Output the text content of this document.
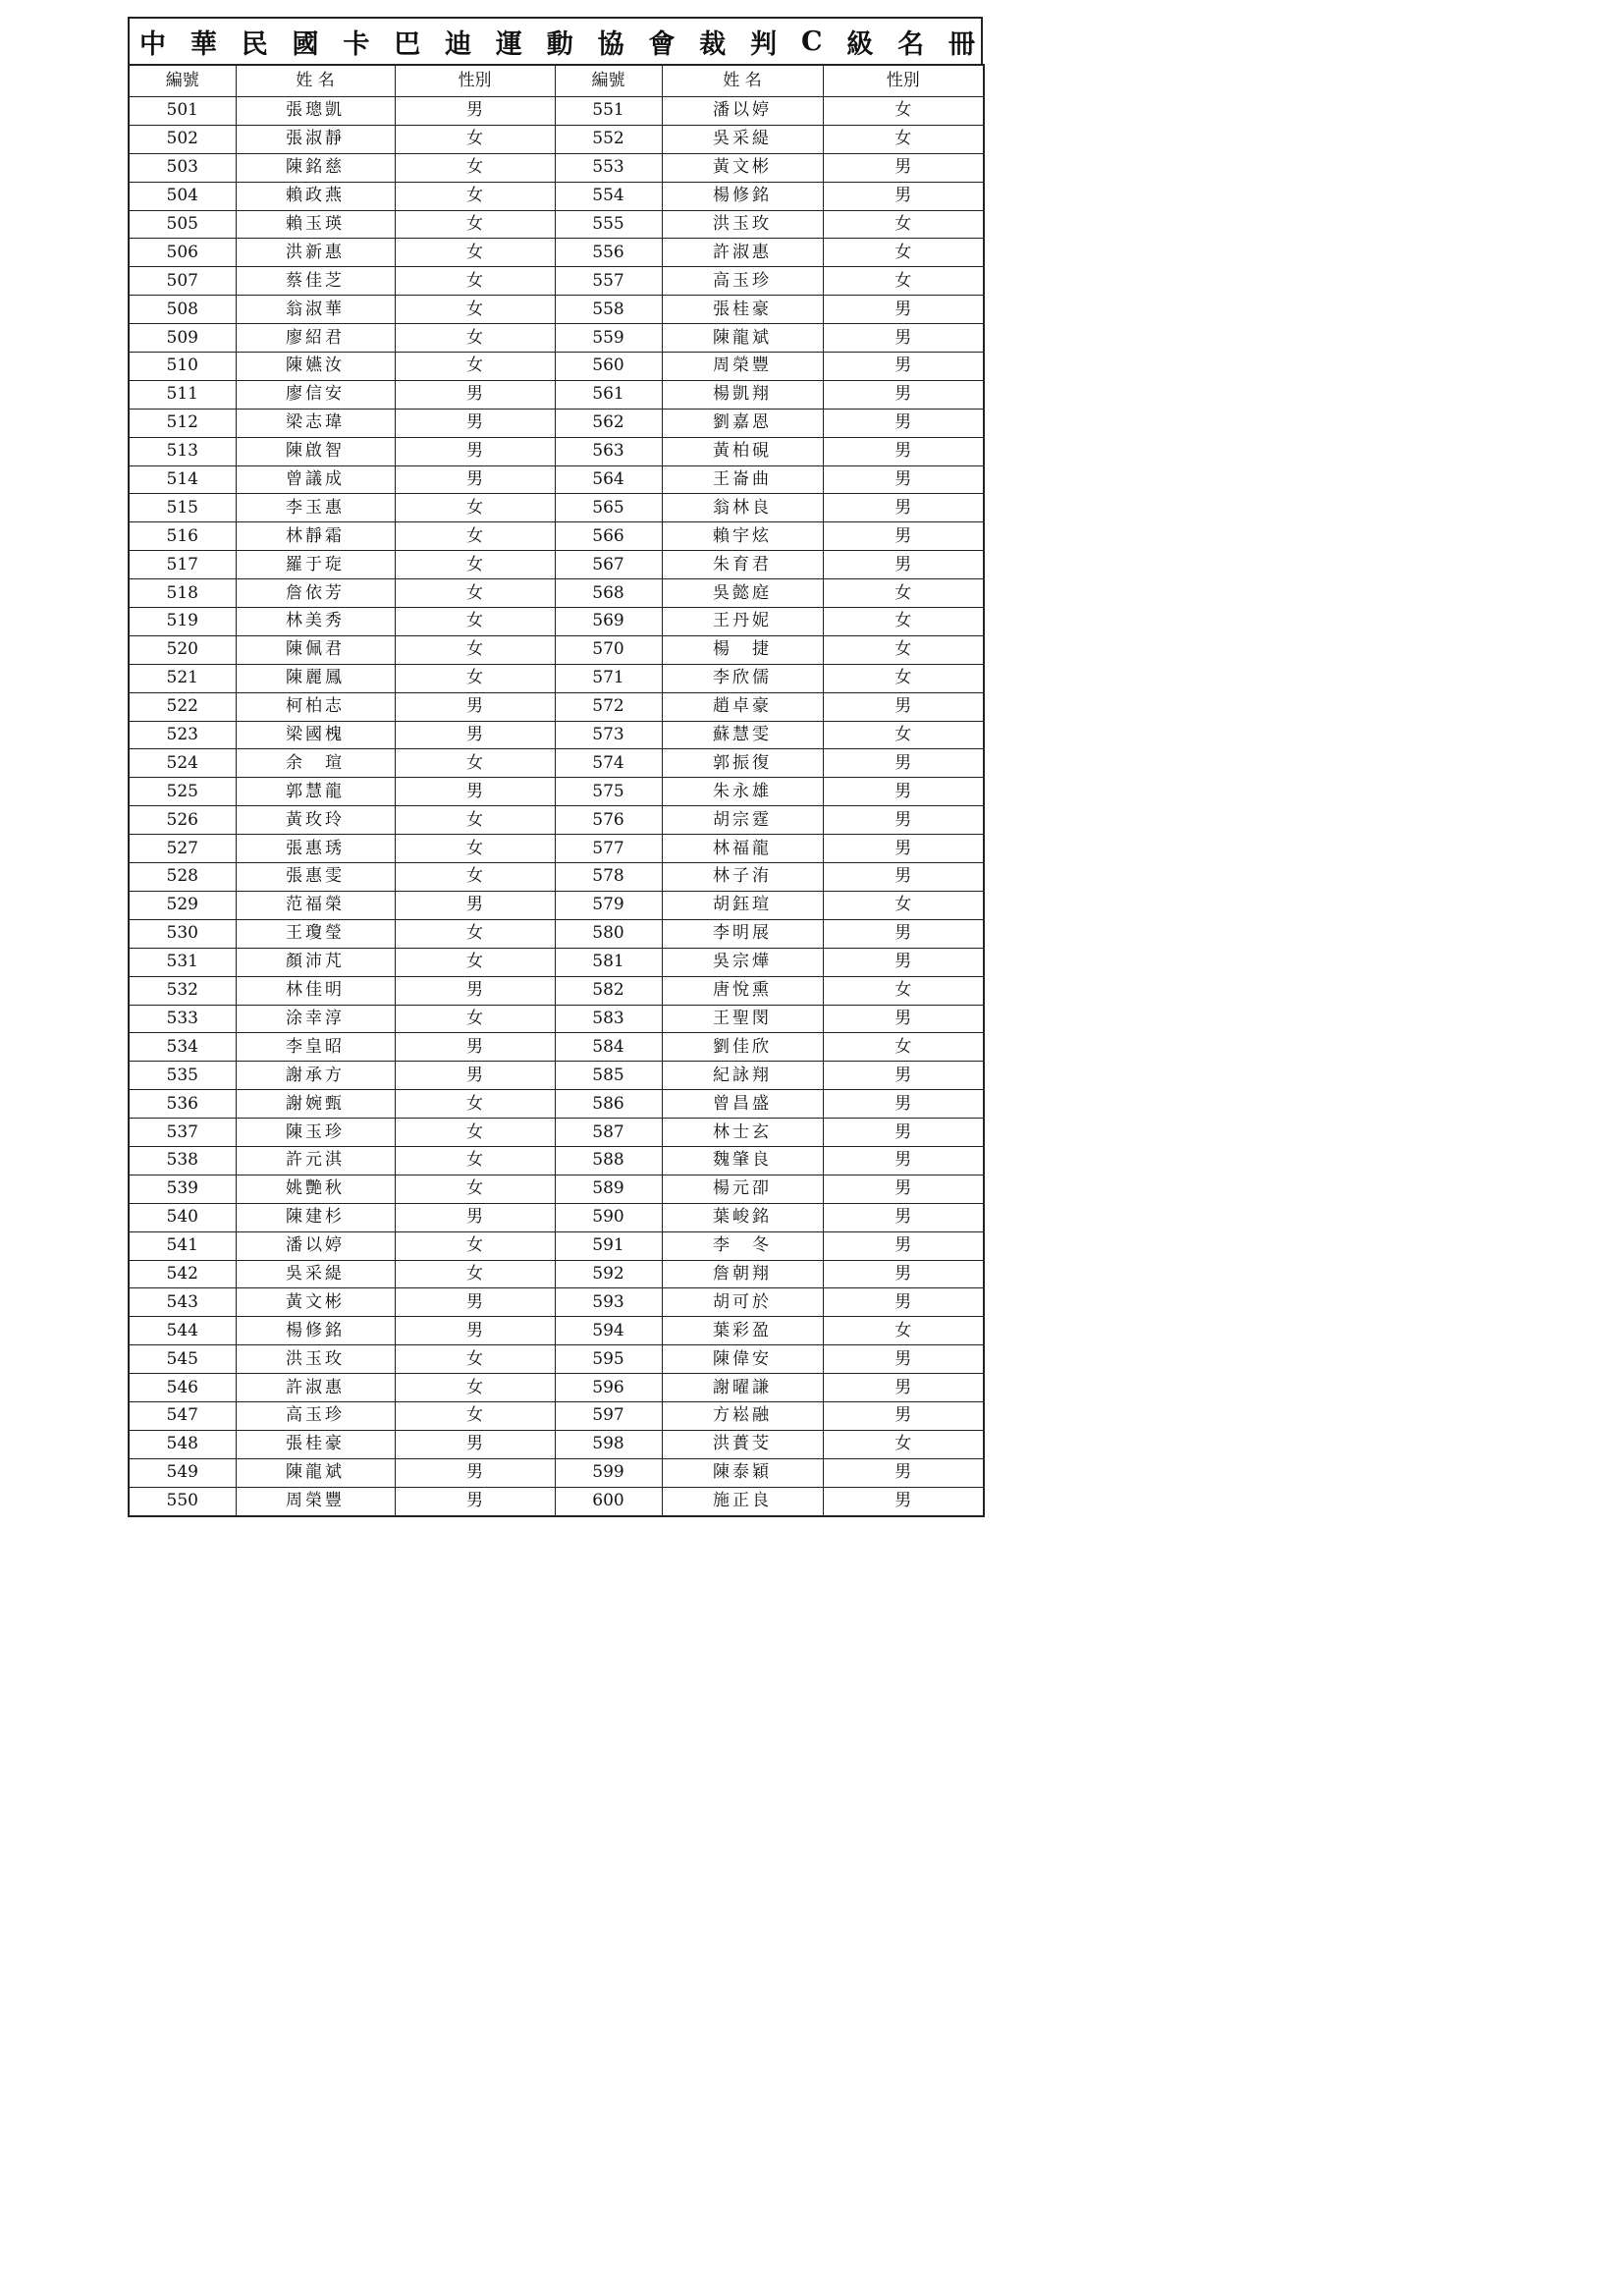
中 華 民 國 卡 巴 迪 運 動 協 會 裁 判 C 級 名 冊
編號	姓 名	性別	編號	姓 名	性別
501	張璁凱	男	551	潘以婷	女
502	張淑靜	女	552	吳采緹	女
503	陳銘慈	女	553	黃文彬	男
504	賴政燕	女	554	楊修銘	男
505	賴玉瑛	女	555	洪玉玫	女
506	洪新惠	女	556	許淑惠	女
507	蔡佳芝	女	557	高玉珍	女
508	翁淑華	女	558	張桂豪	男
509	廖紹君	女	559	陳龍斌	男
510	陳嬿汝	女	560	周榮豐	男
511	廖信安	男	561	楊凱翔	男
512	梁志瑋	男	562	劉嘉恩	男
513	陳啟智	男	563	黃柏硯	男
514	曾議成	男	564	王崙曲	男
515	李玉惠	女	565	翁林良	男
516	林靜霜	女	566	賴宇炫	男
517	羅于琁	女	567	朱育君	男
518	詹依芳	女	568	吳懿庭	女
519	林美秀	女	569	王丹妮	女
520	陳佩君	女	570	楊　捷	女
521	陳麗鳳	女	571	李欣儒	女
522	柯柏志	男	572	趙卓豪	男
523	梁國槐	男	573	蘇慧雯	女
524	余　瑄	女	574	郭振復	男
525	郭慧龍	男	575	朱永雄	男
526	黃玫玲	女	576	胡宗霆	男
527	張惠琇	女	577	林福龍	男
528	張惠雯	女	578	林子洧	男
529	范福榮	男	579	胡鈺瑄	女
530	王瓊瑩	女	580	李明展	男
531	顏沛芃	女	581	吳宗燁	男
532	林佳明	男	582	唐悅熏	女
533	涂幸淳	女	583	王聖閔	男
534	李皇昭	男	584	劉佳欣	女
535	謝承方	男	585	紀詠翔	男
536	謝婉甄	女	586	曾昌盛	男
537	陳玉珍	女	587	林士玄	男
538	許元淇	女	588	魏肇良	男
539	姚艷秋	女	589	楊元卲	男
540	陳建杉	男	590	葉峻銘	男
541	潘以婷	女	591	李　冬	男
542	吳采緹	女	592	詹朝翔	男
543	黃文彬	男	593	胡可於	男
544	楊修銘	男	594	葉彩盈	女
545	洪玉玫	女	595	陳偉安	男
546	許淑惠	女	596	謝曜謙	男
547	高玉珍	女	597	方崧融	男
548	張桂豪	男	598	洪蕢芠	女
549	陳龍斌	男	599	陳泰穎	男
550	周榮豐	男	600	施正良	男
